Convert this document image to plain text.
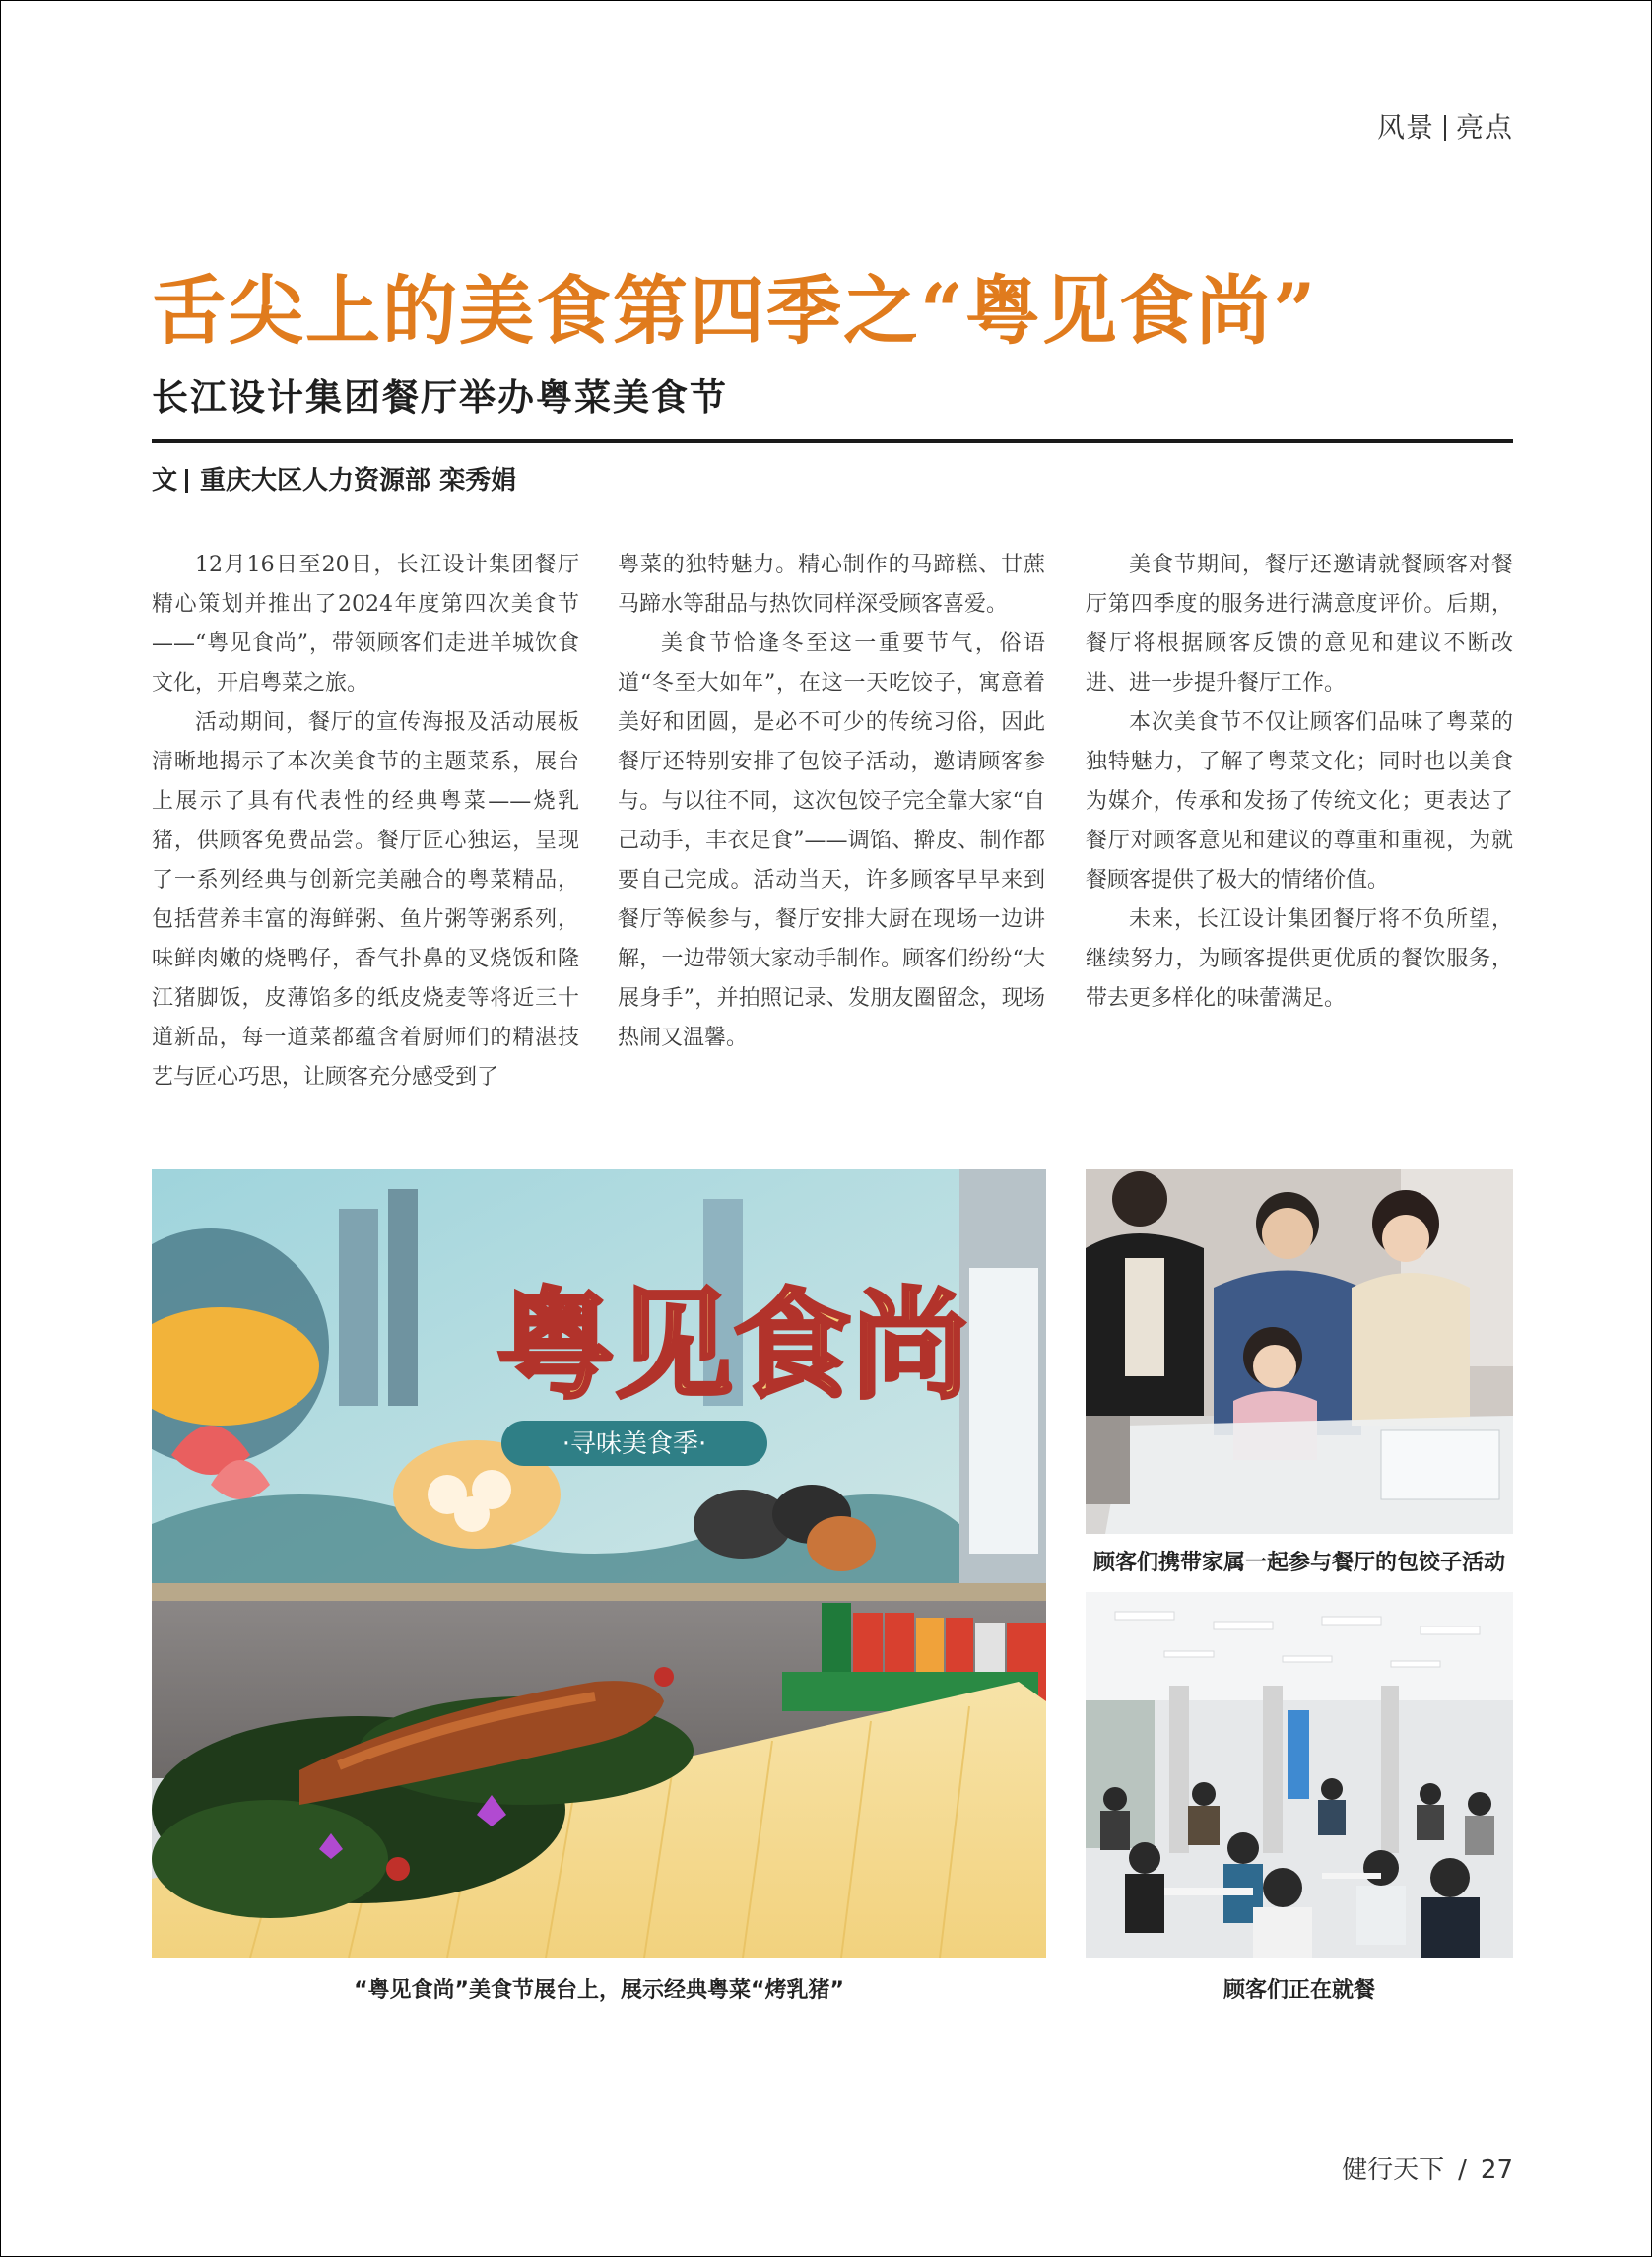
风景 亮点
舌尖上的美食第四季之“粤见食尚”
长江设计集团餐厅举办粤菜美食节
文 重庆大区人力资源部 栾秀娟

12月16日至20日，长江设计集团餐厅精心策划并推出了2024年度第四次美食节——“粤见食尚”，带领顾客们走进羊城饮食文化，开启粤菜之旅。

活动期间，餐厅的宣传海报及活动展板清晰地揭示了本次美食节的主题菜系，展台上展示了具有代表性的经典粤菜——烧乳猪，供顾客免费品尝。餐厅匠心独运，呈现了一系列经典与创新完美融合的粤菜精品，包括营养丰富的海鲜粥、鱼片粥等粥系列，味鲜肉嫩的烧鸭仔，香气扑鼻的叉烧饭和隆江猪脚饭，皮薄馅多的纸皮烧麦等将近三十道新品，每一道菜都蕴含着厨师们的精湛技艺与匠心巧思，让顾客充分感受到了

粤菜的独特魅力。精心制作的马蹄糕、甘蔗马蹄水等甜品与热饮同样深受顾客喜爱。

美食节恰逢冬至这一重要节气，俗语道“冬至大如年”，在这一天吃饺子，寓意着美好和团圆，是必不可少的传统习俗，因此餐厅还特别安排了包饺子活动，邀请顾客参与。与以往不同，这次包饺子完全靠大家“自己动手，丰衣足食”——调馅、擀皮、制作都要自己完成。活动当天，许多顾客早早来到餐厅等候参与，餐厅安排大厨在现场一边讲解，一边带领大家动手制作。顾客们纷纷“大展身手”，并拍照记录、发朋友圈留念，现场热闹又温馨。

美食节期间，餐厅还邀请就餐顾客对餐厅第四季度的服务进行满意度评价。后期，餐厅将根据顾客反馈的意见和建议不断改进、进一步提升餐厅工作。

本次美食节不仅让顾客们品味了粤菜的独特魅力，了解了粤菜文化；同时也以美食为媒介，传承和发扬了传统文化；更表达了餐厅对顾客意见和建议的尊重和重视，为就餐顾客提供了极大的情绪价值。

未来，长江设计集团餐厅将不负所望，继续努力，为顾客提供更优质的餐饮服务，带去更多样化的味蕾满足。

粤见食尚
·寻味美食季·
顾客们携带家属一起参与餐厅的包饺子活动
“粤见食尚”美食节展台上，展示经典粤菜“烤乳猪”	顾客们正在就餐
健行天下 / 27
